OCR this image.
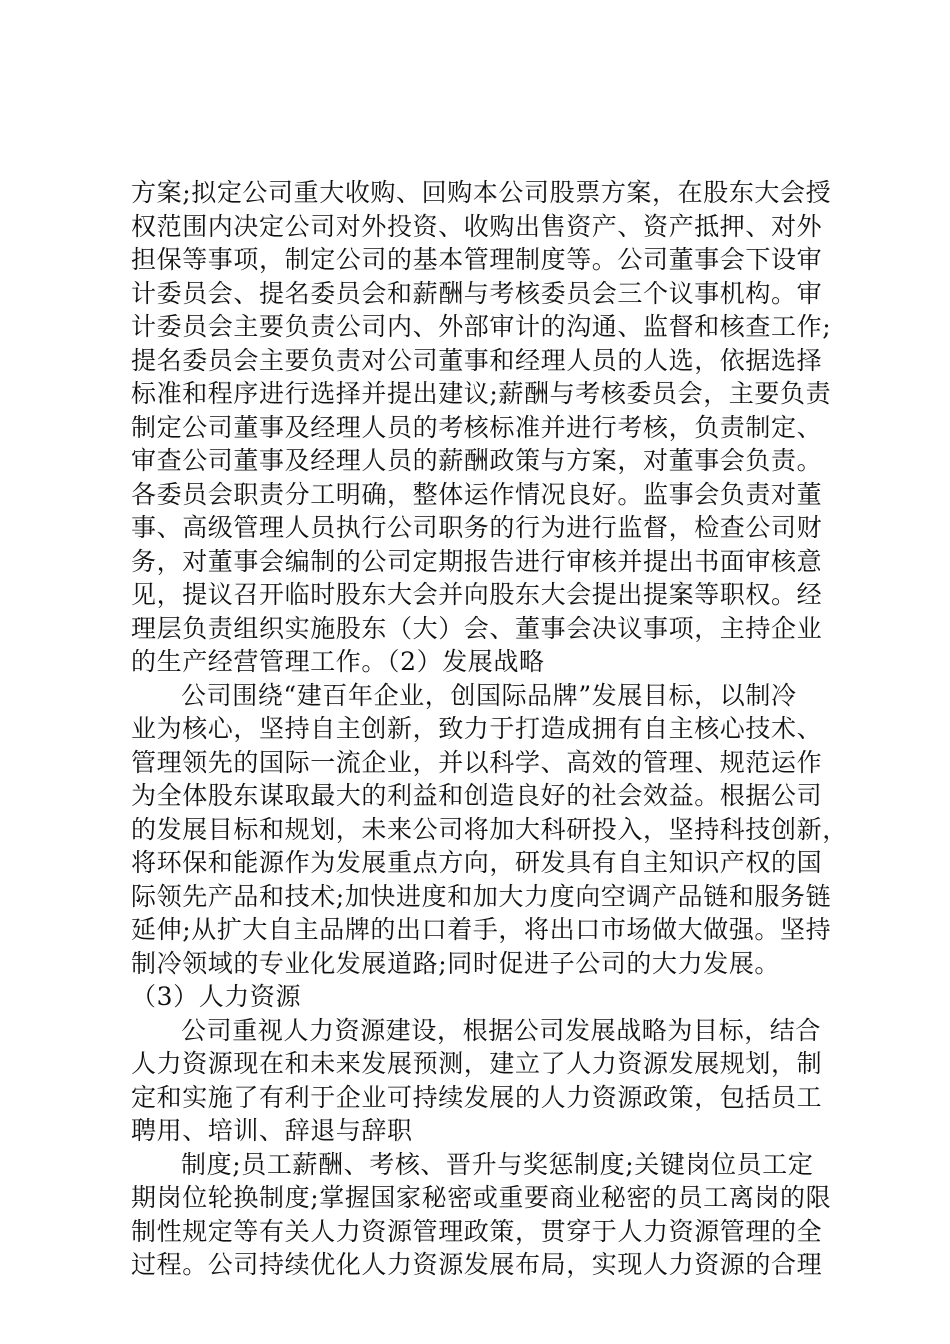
方案;拟定公司重大收购、回购本公司股票方案，在股东大会授
权范围内决定公司对外投资、收购出售资产、资产抵押、对外
担保等事项，制定公司的基本管理制度等。公司董事会下设审
计委员会、提名委员会和薪酬与考核委员会三个议事机构。审
计委员会主要负责公司内、外部审计的沟通、监督和核查工作;
提名委员会主要负责对公司董事和经理人员的人选，依据选择
标准和程序进行选择并提出建议;薪酬与考核委员会，主要负责
制定公司董事及经理人员的考核标准并进行考核，负责制定、
审查公司董事及经理人员的薪酬政策与方案，对董事会负责。
各委员会职责分工明确，整体运作情况良好。监事会负责对董
事、高级管理人员执行公司职务的行为进行监督，检查公司财
务，对董事会编制的公司定期报告进行审核并提出书面审核意
见，提议召开临时股东大会并向股东大会提出提案等职权。经
理层负责组织实施股东（大）会、董事会决议事项，主持企业
的生产经营管理工作。（2）发展战略
公司围绕“建百年企业，创国际品牌”发展目标，以制冷
业为核心，坚持自主创新，致力于打造成拥有自主核心技术、
管理领先的国际一流企业，并以科学、高效的管理、规范运作
为全体股东谋取最大的利益和创造良好的社会效益。根据公司
的发展目标和规划，未来公司将加大科研投入，坚持科技创新，
将环保和能源作为发展重点方向，研发具有自主知识产权的国
际领先产品和技术;加快进度和加大力度向空调产品链和服务链
延伸;从扩大自主品牌的出口着手，将出口市场做大做强。坚持
制冷领域的专业化发展道路;同时促进子公司的大力发展。
（3）人力资源
公司重视人力资源建设，根据公司发展战略为目标，结合
人力资源现在和未来发展预测，建立了人力资源发展规划，制
定和实施了有利于企业可持续发展的人力资源政策，包括员工
聘用、培训、辞退与辞职
制度;员工薪酬、考核、晋升与奖惩制度;关键岗位员工定
期岗位轮换制度;掌握国家秘密或重要商业秘密的员工离岗的限
制性规定等有关人力资源管理政策，贯穿于人力资源管理的全
过程。公司持续优化人力资源发展布局，实现人力资源的合理
